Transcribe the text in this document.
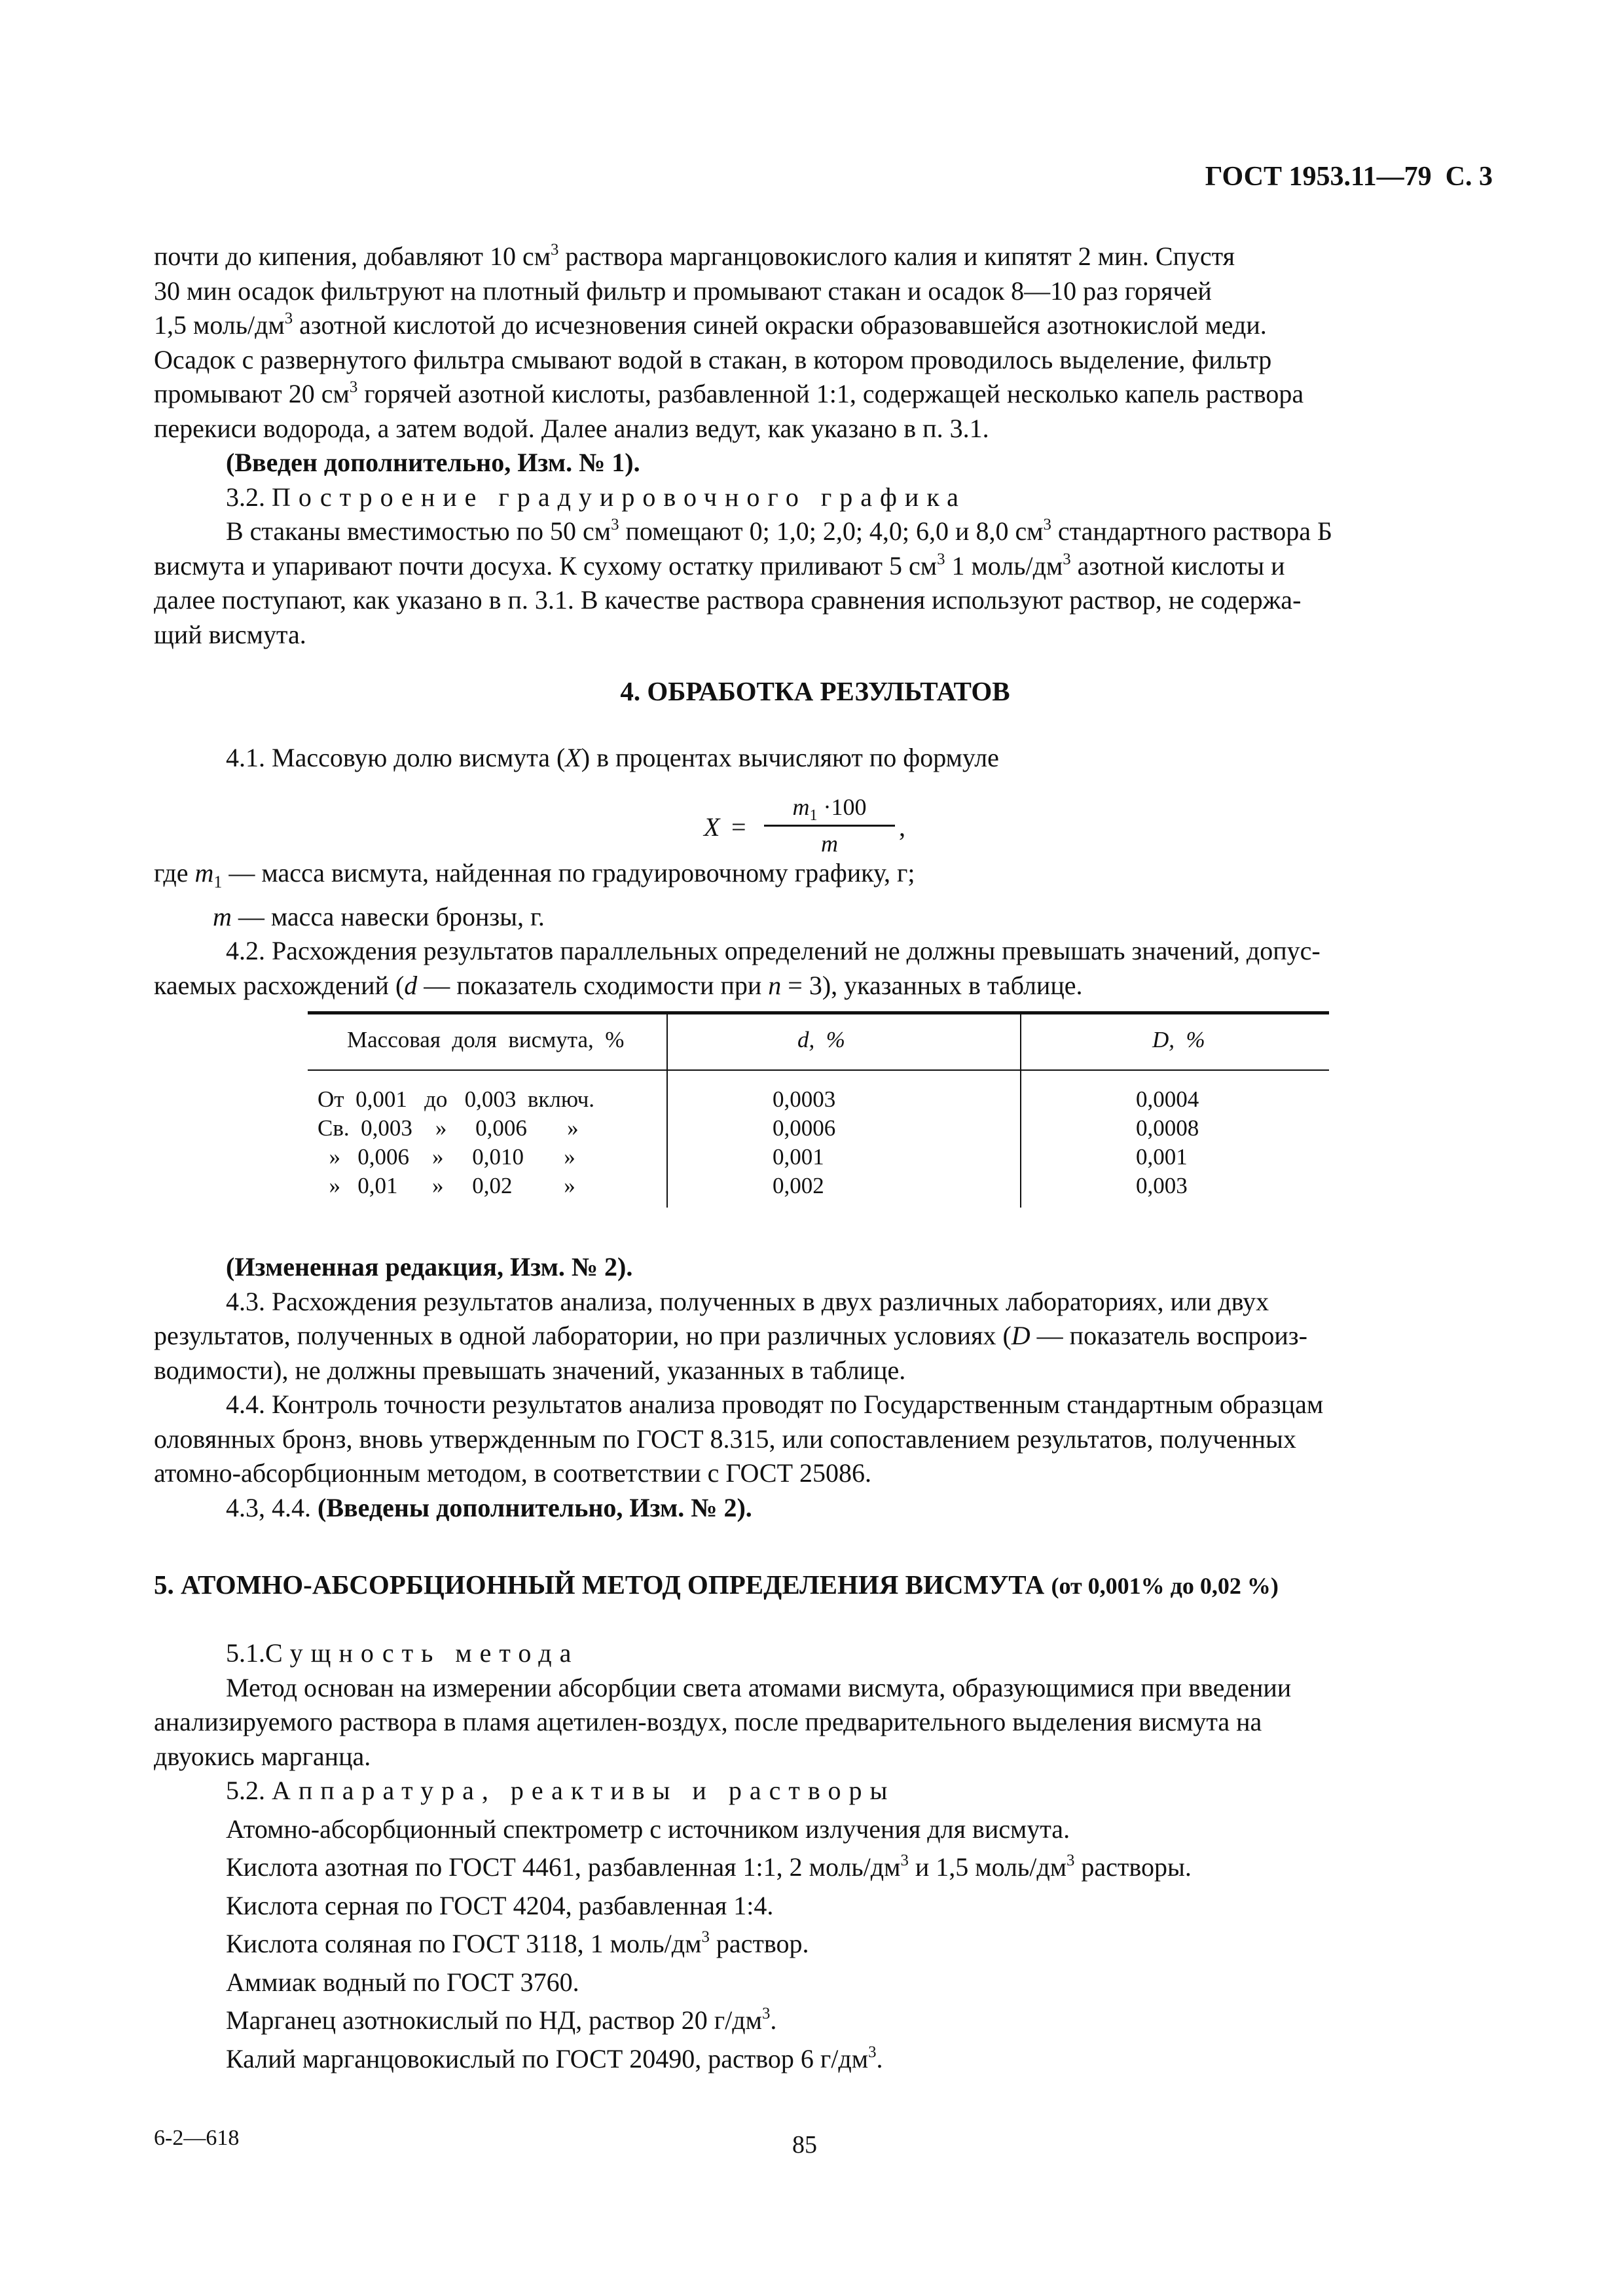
ГОСТ 1953.11—79 С. 3

почти до кипения, добавляют 10 $см^3$ раствора марганцовокислого калия и кипятят 2 мин. Спустя

30 мин осадок фильтруют на плотный фильтр и промывают стакан и осадок 8—10 раз горячей

1,5 моль/$дм^3$ азотной кислотой до исчезновения синей окраски образовавшейся азотнокислой меди.

Осадок с развернутого фильтра смывают водой в стакан, в котором проводилось выделение, фильтр

промывают 20 $см^3$ горячей азотной кислоты, разбавленной 1:1, содержащей несколько капель раствора

перекиси водорода, а затем водой. Далее анализ ведут, как указано в п. 3.1.

(Введен дополнительно, Изм. № 1).

3.2. Построение градуировочного графика

В стаканы вместимостью по 50 $см^3$ помещают 0; 1,0; 2,0; 4,0; 6,0 и 8,0 $см^3$ стандартного раствора Б

висмута и упаривают почти досуха. К сухому остатку приливают 5 $см^3$ 1 моль/$дм^3$ азотной кислоты и

далее поступают, как указано в п. 3.1. В качестве раствора сравнения используют раствор, не содержа-

щий висмута.

4. ОБРАБОТКА РЕЗУЛЬТАТОВ

4.1. Массовую долю висмута (X) в процентах вычисляют по формуле

X =
$m_1 \cdot 100$
m
,

где $m_1$ — масса висмута, найденная по градуировочному графику, г;

m — масса навески бронзы, г.

4.2. Расхождения результатов параллельных определений не должны превышать значений, допус-

каемых расхождений (d — показатель сходимости при n = 3), указанных в таблице.

Массовая  доля  висмута,  %	d,  %	D,  %
От  0,001   до   0,003  включ.	0,0003	0,0004
Св.  0,003    »     0,006       »	0,0006	0,0008
»   0,006    »     0,010       »	0,001	0,001
»   0,01      »     0,02         »	0,002	0,003

(Измененная редакция, Изм. № 2).

4.3. Расхождения результатов анализа, полученных в двух различных лабораториях, или двух

результатов, полученных в одной лаборатории, но при различных условиях (D — показатель воспроиз-

водимости), не должны превышать значений, указанных в таблице.

4.4. Контроль точности результатов анализа проводят по Государственным стандартным образцам

оловянных бронз, вновь утвержденным по ГОСТ 8.315, или сопоставлением результатов, полученных

атомно-абсорбционным методом, в соответствии с ГОСТ 25086.

4.3, 4.4. (Введены дополнительно, Изм. № 2).

5. АТОМНО-АБСОРБЦИОННЫЙ МЕТОД ОПРЕДЕЛЕНИЯ ВИСМУТА (от 0,001% до 0,02 %)

5.1.Сущность метода

Метод основан на измерении абсорбции света атомами висмута, образующимися при введении

анализируемого раствора в пламя ацетилен-воздух, после предварительного выделения висмута на

двуокись марганца.

5.2. Аппаратура, реактивы и растворы

Атомно-абсорбционный спектрометр с источником излучения для висмута.

Кислота азотная по ГОСТ 4461, разбавленная 1:1, 2 моль/$дм^3$ и 1,5 моль/$дм^3$ растворы.

Кислота серная по ГОСТ 4204, разбавленная 1:4.

Кислота соляная по ГОСТ 3118, 1 моль/$дм^3$ раствор.

Аммиак водный по ГОСТ 3760.

Марганец азотнокислый по НД, раствор 20 $г/дм^3$.

Калий марганцовокислый по ГОСТ 20490, раствор 6 $г/дм^3$.

6-2—618	85
